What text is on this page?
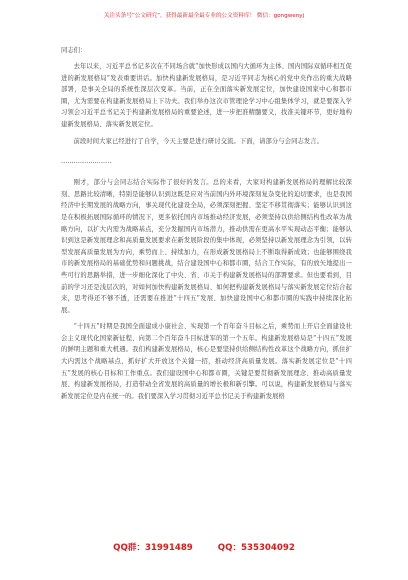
关注头条号“公文研究”，获得最新最全最专业的公文资料库！ 微信：gongwenyj

同志们：

去年以来，习近平总书记多次在不同场合就“加快形成以国内大循环为主体、国内国际双循环相互促进的新发展格局”发表重要讲话。加快构建新发展格局，是习近平同志为核心的党中央作出的重大战略部署，是事关全局的系统性深层次变革。当前，正在全面落实新发展定位，加快建设国家中心和都市圈，尤为需要在构建新发展格局上下功夫。我们举办这次市管理论学习中心组集体学习，就是要深入学习领会习近平总书记关于构建新发展格局的重要论述，进一步把准精髓要义，找准关键环节，更好地构建新发展格局、落实新发展定位。

前段时间大家已经进行了自学，今天主要是进行研讨交流。下面，请部分与会同志发言。

……………………

刚才，部分与会同志结合实际作了很好的发言。总的来看，大家对构建新发展格局的理解比较深刻、思路比较清晰，特别是能够认识到这既是应对当前国内外环境深刻复杂变化的迫切要求，也是我国经济中长期发展的战略方向，事关现代化建设全局，必须深刻把握、坚定不移贯彻落实；能够认识到这是在积极拓展国际循环的情况下，更多依托国内市场推动经济发展，必须坚持以供给侧结构性改革为战略方向，以扩大内需为战略基点，充分发掘国内市场潜力，推动供需在更高水平实现动态平衡；能够认识到这是新发展理念和高质量发展要求在新发展阶段的集中体现，必须坚持以新发展理念为引领，以转型发展高质量发展为方向，乘势而上、持续加力，在形成新发展格局上不断取得新成效；也能够围绕我市的新发展格局的基础优势和问题挑战，结合建设国中心和都市圈，结合工作实际，有的放矢地提出一些可行的思路举措，进一步细化深化了中央、省、市关于构建新发展格局的部署要求。但也要看到，目前的学习还是浅层次的，对如何加快构建新发展格局、如何把构建新发展格局与落实新发展定位结合起来，思考得还不够不透，还需要在推进“十四五”发展、加快建设国中心和都市圈的实践中持续深化拓展。

“十四五”时期是我国全面建成小康社会、实现第一个百年奋斗目标之后，乘势而上开启全面建设社会主义现代化国家新征程、向第二个百年奋斗目标进军的第一个五年。构建新发展格局是“十四五”发展的鲜明主题和重大机遇。我们构建新发展格局，核心是要坚持供给侧结构性改革这个战略方向，抓住扩大内需这个战略基点，抓好扩大开放这个关键一招，推动经济高质量发展。落实新发展定位是“十四五”发展的核心目标和工作重点。我们建设国中心和都市圈，关键是要贯彻新发展理念、推动高质量发展、构建新发展格局，打造带动全省发展的高质量的增长极和新引擎。可以说，构建新发展格局与落实新发展定位是内在统一的。我们要深入学习贯彻习近平总书记关于构建新发展格

QQ群：31991489	QQ：535304092
